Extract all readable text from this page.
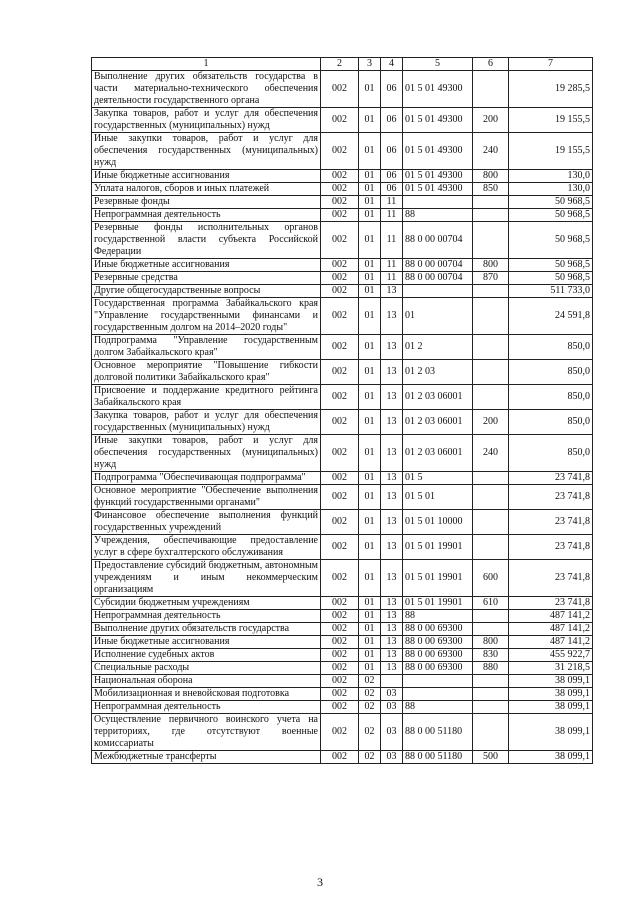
1	2	3	4	5	6	7
Выполнение других обязательств государства в части материально-технического обеспечения деятельности государственного органа	002	01	06	01 5 01 49300		19 285,5
Закупка товаров, работ и услуг для обеспечения государственных (муниципальных) нужд	002	01	06	01 5 01 49300	200	19 155,5
Иные закупки товаров, работ и услуг для обеспечения государственных (муниципальных) нужд	002	01	06	01 5 01 49300	240	19 155,5
Иные бюджетные ассигнования	002	01	06	01 5 01 49300	800	130,0
Уплата налогов, сборов и иных платежей	002	01	06	01 5 01 49300	850	130,0
Резервные фонды	002	01	11			50 968,5
Непрограммная деятельность	002	01	11	88		50 968,5
Резервные фонды исполнительных органов государственной власти субъекта Российской Федерации	002	01	11	88 0 00 00704		50 968,5
Иные бюджетные ассигнования	002	01	11	88 0 00 00704	800	50 968,5
Резервные средства	002	01	11	88 0 00 00704	870	50 968,5
Другие общегосударственные вопросы	002	01	13			511 733,0
Государственная программа Забайкальского края "Управление государственными финансами и государственным долгом на 2014–2020 годы"	002	01	13	01		24 591,8
Подпрограмма "Управление государственным долгом Забайкальского края"	002	01	13	01 2		850,0
Основное мероприятие "Повышение гибкости долговой политики Забайкальского края"	002	01	13	01 2 03		850,0
Присвоение и поддержание кредитного рейтинга Забайкальского края	002	01	13	01 2 03 06001		850,0
Закупка товаров, работ и услуг для обеспечения государственных (муниципальных) нужд	002	01	13	01 2 03 06001	200	850,0
Иные закупки товаров, работ и услуг для обеспечения государственных (муниципальных) нужд	002	01	13	01 2 03 06001	240	850,0
Подпрограмма "Обеспечивающая подпрограмма"	002	01	13	01 5		23 741,8
Основное мероприятие "Обеспечение выполнения функций государственными органами"	002	01	13	01 5 01		23 741,8
Финансовое обеспечение выполнения функций государственных учреждений	002	01	13	01 5 01 10000		23 741,8
Учреждения, обеспечивающие предоставление услуг в сфере бухгалтерского обслуживания	002	01	13	01 5 01 19901		23 741,8
Предоставление субсидий бюджетным, автономным учреждениям и иным некоммерческим организациям	002	01	13	01 5 01 19901	600	23 741,8
Субсидии бюджетным учреждениям	002	01	13	01 5 01 19901	610	23 741,8
Непрограммная деятельность	002	01	13	88		487 141,2
Выполнение других обязательств государства	002	01	13	88 0 00 69300		487 141,2
Иные бюджетные ассигнования	002	01	13	88 0 00 69300	800	487 141,2
Исполнение судебных актов	002	01	13	88 0 00 69300	830	455 922,7
Специальные расходы	002	01	13	88 0 00 69300	880	31 218,5
Национальная оборона	002	02				38 099,1
Мобилизационная и вневойсковая подготовка	002	02	03			38 099,1
Непрограммная деятельность	002	02	03	88		38 099,1
Осуществление первичного воинского учета на территориях, где отсутствуют военные комиссариаты	002	02	03	88 0 00 51180		38 099,1
Межбюджетные трансферты	002	02	03	88 0 00 51180	500	38 099,1
3
